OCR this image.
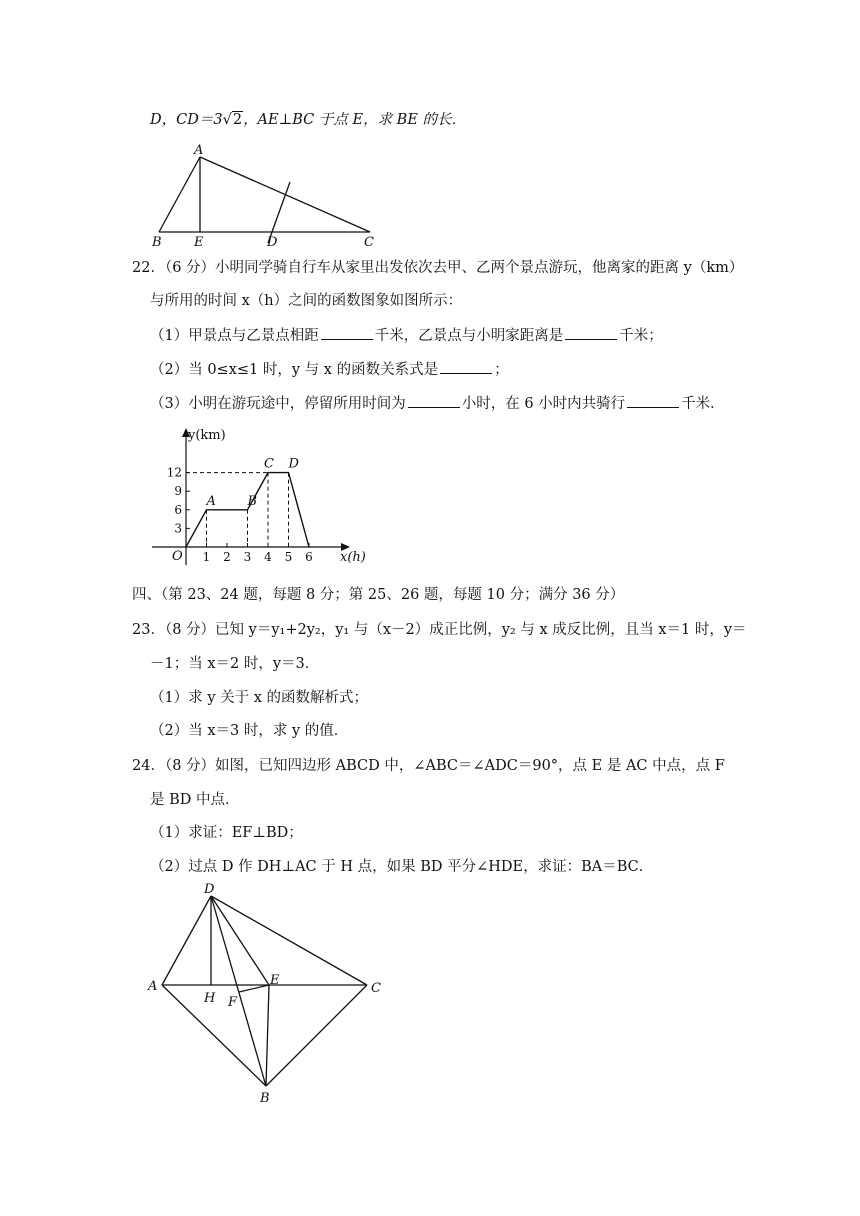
D，CD＝3√2，AE⊥BC 于点 E，求 BE 的长．
A
B E	D	C
22．（6 分）小明同学骑自行车从家里出发依次去甲、乙两个景点游玩，他离家的距离 y（km）
与所用的时间 x（h）之间的函数图象如图所示：
（1）甲景点与乙景点相距	千米，乙景点与小明家距离是	千米；
（2）当 0≤x≤1 时，y 与 x 的函数关系式是	；
（3）小明在游玩途中，停留所用时间为	小时，在 6 小时内共骑行	千米．
12
9
6
3
1 2 3 4 5 6
A B
C D
y(km)
x(h)
O
四、（第 23、24 题，每题 8 分；第 25、26 题，每题 10 分；满分 36 分）
23．（8 分）已知 y＝y₁+2y₂，y₁ 与（x－2）成正比例，y₂ 与 x 成反比例，且当 x＝1 时，y＝
－1；当 x＝2 时，y＝3．
（1）求 y 关于 x 的函数解析式；
（2）当 x＝3 时，求 y 的值．
24．（8 分）如图，已知四边形 ABCD 中，∠ABC＝∠ADC＝90°，点 E 是 AC 中点，点 F
是 BD 中点．
（1）求证：EF⊥BD；
（2）过点 D 作 DH⊥AC 于 H 点，如果 BD 平分∠HDE，求证：BA＝BC．
D
A	C
H F
E
B
